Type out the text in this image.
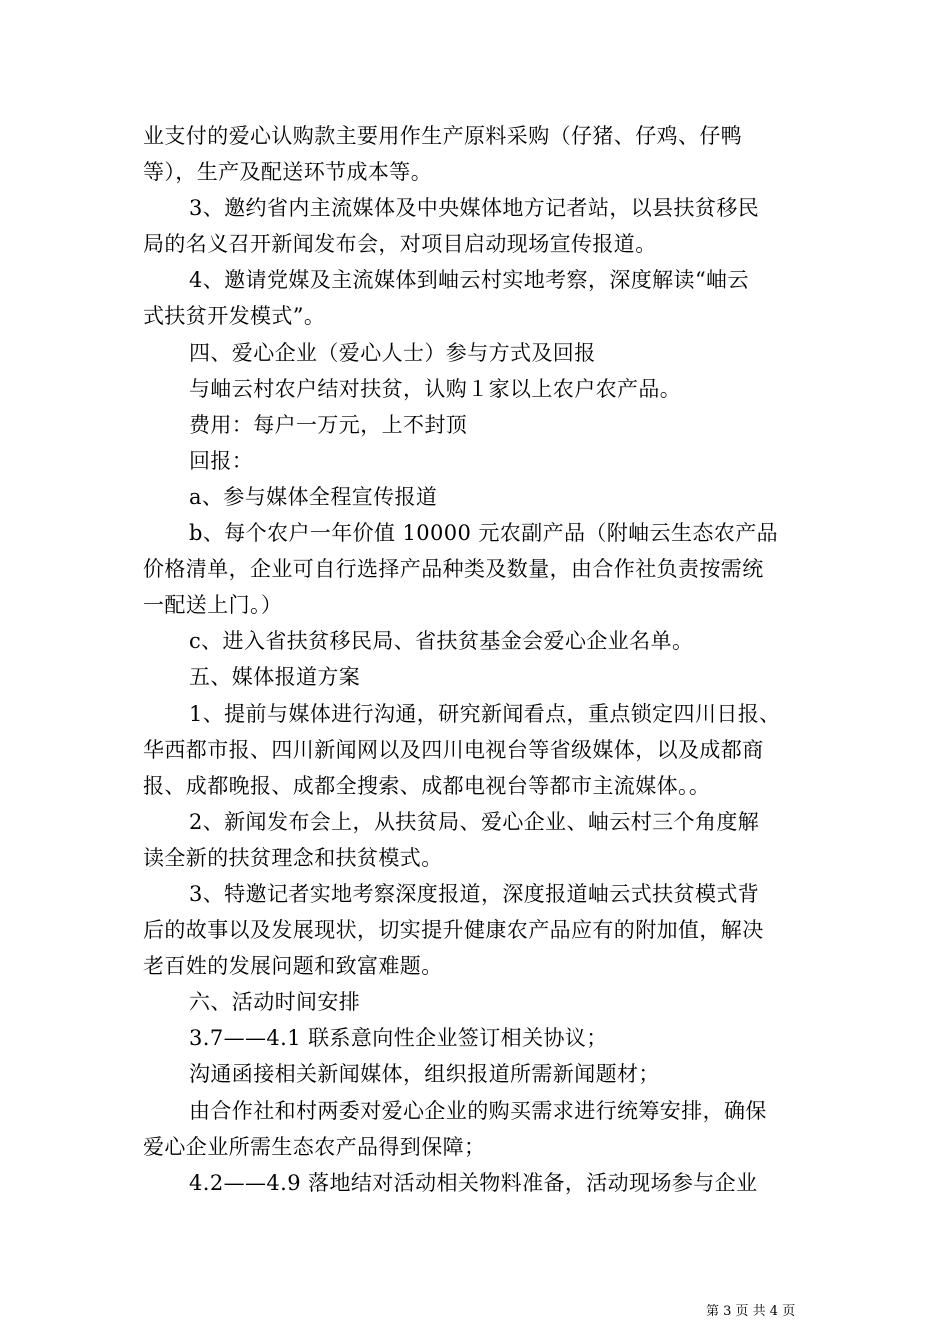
业支付的爱心认购款主要用作生产原料采购（仔猪、仔鸡、仔鸭
等），生产及配送环节成本等。
3、邀约省内主流媒体及中央媒体地方记者站，以县扶贫移民
局的名义召开新闻发布会，对项目启动现场宣传报道。
4、邀请党媒及主流媒体到岫云村实地考察，深度解读“岫云
式扶贫开发模式”。
四、爱心企业（爱心人士）参与方式及回报
与岫云村农户结对扶贫，认购１家以上农户农产品。
费用：每户一万元，上不封顶
回报：
a、参与媒体全程宣传报道
b、每个农户一年价值 10000 元农副产品（附岫云生态农产品
价格清单，企业可自行选择产品种类及数量，由合作社负责按需统
一配送上门。）
c、进入省扶贫移民局、省扶贫基金会爱心企业名单。
五、媒体报道方案
1、提前与媒体进行沟通，研究新闻看点，重点锁定四川日报、
华西都市报、四川新闻网以及四川电视台等省级媒体，以及成都商
报、成都晚报、成都全搜索、成都电视台等都市主流媒体。。
2、新闻发布会上，从扶贫局、爱心企业、岫云村三个角度解
读全新的扶贫理念和扶贫模式。
3、特邀记者实地考察深度报道，深度报道岫云式扶贫模式背
后的故事以及发展现状，切实提升健康农产品应有的附加值，解决
老百姓的发展问题和致富难题。
六、活动时间安排
3.7——4.1 联系意向性企业签订相关协议；
沟通函接相关新闻媒体，组织报道所需新闻题材；
由合作社和村两委对爱心企业的购买需求进行统筹安排，确保
爱心企业所需生态农产品得到保障；
4.2——4.9 落地结对活动相关物料准备，活动现场参与企业
第 3 页 共 4 页
